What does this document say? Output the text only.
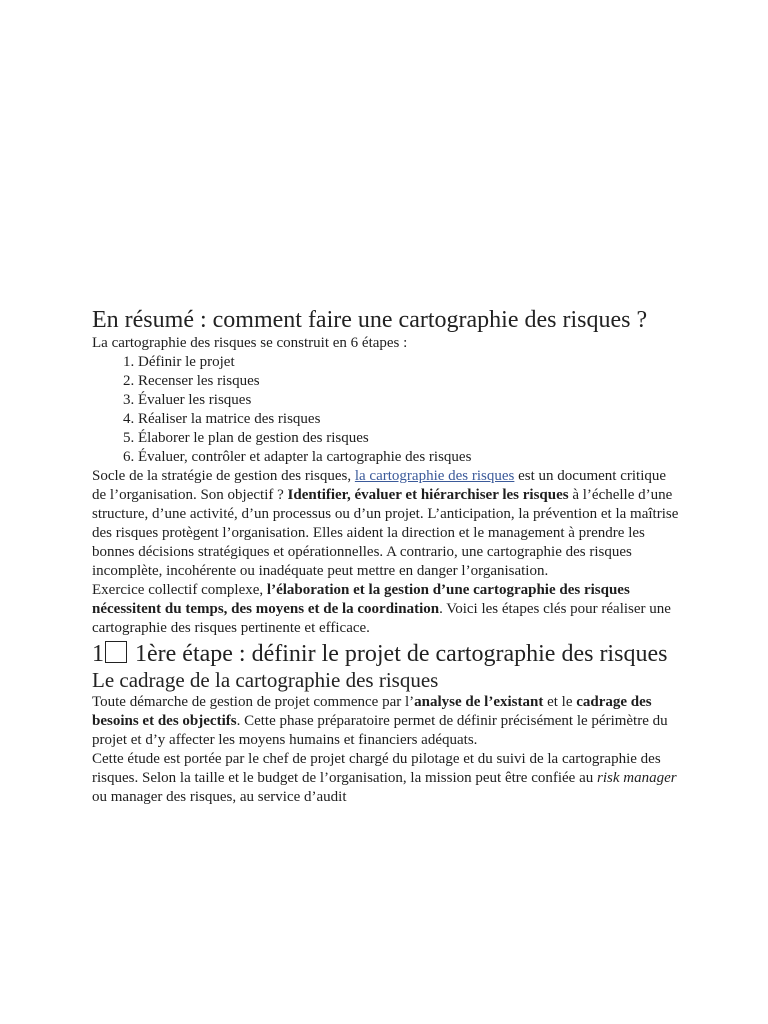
En résumé : comment faire une cartographie des risques ?

La cartographie des risques se construit en 6 étapes :

1. Définir le projet
2. Recenser les risques
3. Évaluer les risques
4. Réaliser la matrice des risques
5. Élaborer le plan de gestion des risques
6. Évaluer, contrôler et adapter la cartographie des risques

Socle de la stratégie de gestion des risques, la cartographie des risques est un document critique de l’organisation. Son objectif ? Identifier, évaluer et hiérarchiser les risques à l’échelle d’une structure, d’une activité, d’un processus ou d’un projet. L’anticipation, la prévention et la maîtrise des risques protègent l’organisation. Elles aident la direction et le management à prendre les bonnes décisions stratégiques et opérationnelles. A contrario, une cartographie des risques incomplète, incohérente ou inadéquate peut mettre en danger l’organisation.

Exercice collectif complexe, l’élaboration et la gestion d’une cartographie des risques nécessitent du temps, des moyens et de la coordination. Voici les étapes clés pour réaliser une cartographie des risques pertinente et efficace.

1 1ère étape : définir le projet de cartographie des risques
Le cadrage de la cartographie des risques

Toute démarche de gestion de projet commence par l’analyse de l’existant et le cadrage des besoins et des objectifs. Cette phase préparatoire permet de définir précisément le périmètre du projet et d’y affecter les moyens humains et financiers adéquats.

Cette étude est portée par le chef de projet chargé du pilotage et du suivi de la cartographie des risques. Selon la taille et le budget de l’organisation, la mission peut être confiée au risk manager ou manager des risques, au service d’audit
